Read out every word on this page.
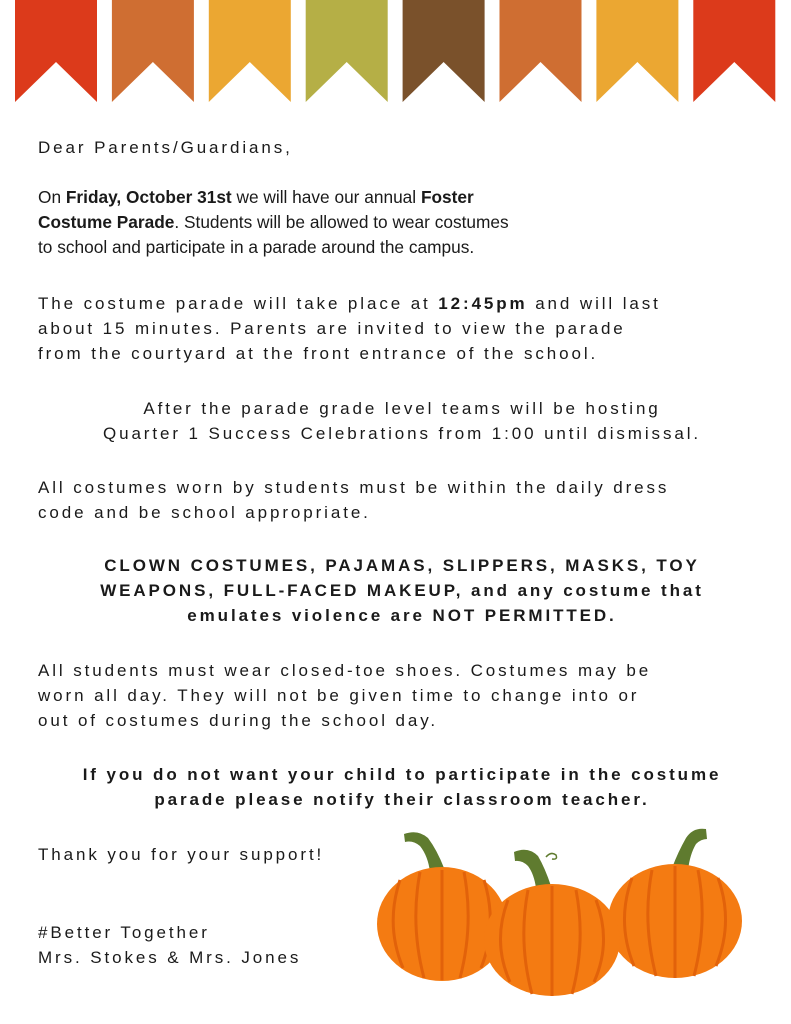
Dear Parents/Guardians,

On Friday, October 31st we will have our annual Foster
Costume Parade. Students will be allowed to wear costumes
to school and participate in a parade around the campus.
The costume parade will take place at 12:45pm and will last
about 15 minutes. Parents are invited to view the parade
from the courtyard at the front entrance of the school.
After the parade grade level teams will be hosting
Quarter 1 Success Celebrations from 1:00 until dismissal.
All costumes worn by students must be within the daily dress
code and be school appropriate.
CLOWN COSTUMES, PAJAMAS, SLIPPERS, MASKS, TOY
WEAPONS, FULL-FACED MAKEUP, and any costume that
emulates violence are NOT PERMITTED.
All students must wear closed-toe shoes. Costumes may be
worn all day. They will not be given time to change into or
out of costumes during the school day.
If you do not want your child to participate in the costume
parade please notify their classroom teacher.

Thank you for your support!

#Better Together

Mrs. Stokes & Mrs. Jones
